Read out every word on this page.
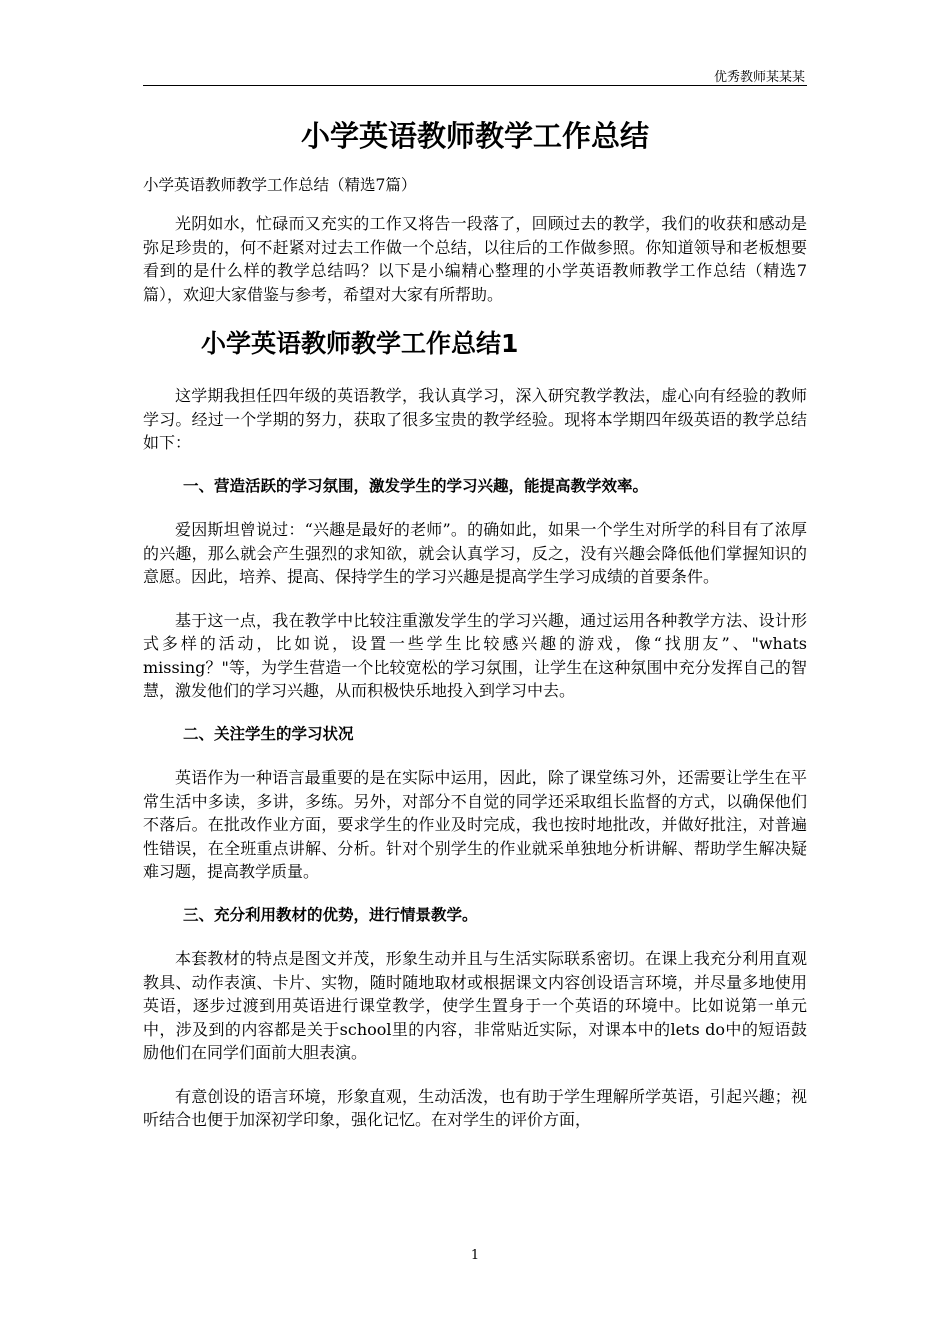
优秀教师某某某
小学英语教师教学工作总结
小学英语教师教学工作总结（精选7篇）

光阴如水，忙碌而又充实的工作又将告一段落了，回顾过去的教学，我们的收获和感动是弥足珍贵的，何不赶紧对过去工作做一个总结，以往后的工作做参照。你知道领导和老板想要看到的是什么样的教学总结吗？以下是小编精心整理的小学英语教师教学工作总结（精选7篇），欢迎大家借鉴与参考，希望对大家有所帮助。

小学英语教师教学工作总结1

这学期我担任四年级的英语教学，我认真学习，深入研究教学教法，虚心向有经验的教师学习。经过一个学期的努力，获取了很多宝贵的教学经验。现将本学期四年级英语的教学总结如下：

一、营造活跃的学习氛围，激发学生的学习兴趣，能提高教学效率。

爱因斯坦曾说过：“兴趣是最好的老师”。的确如此，如果一个学生对所学的科目有了浓厚的兴趣，那么就会产生强烈的求知欲，就会认真学习，反之，没有兴趣会降低他们掌握知识的意愿。因此，培养、提高、保持学生的学习兴趣是提高学生学习成绩的首要条件。

基于这一点，我在教学中比较注重激发学生的学习兴趣，通过运用各种教学方法、设计形式多样的活动，比如说，设置一些学生比较感兴趣的游戏，像“找朋友”、"whats missing？"等，为学生营造一个比较宽松的学习氛围，让学生在这种氛围中充分发挥自己的智慧，激发他们的学习兴趣，从而积极快乐地投入到学习中去。

二、关注学生的学习状况

英语作为一种语言最重要的是在实际中运用，因此，除了课堂练习外，还需要让学生在平常生活中多读，多讲，多练。另外，对部分不自觉的同学还采取组长监督的方式，以确保他们不落后。在批改作业方面，要求学生的作业及时完成，我也按时地批改，并做好批注，对普遍性错误，在全班重点讲解、分析。针对个别学生的作业就采单独地分析讲解、帮助学生解决疑难习题，提高教学质量。

三、充分利用教材的优势，进行情景教学。

本套教材的特点是图文并茂，形象生动并且与生活实际联系密切。在课上我充分利用直观教具、动作表演、卡片、实物，随时随地取材或根据课文内容创设语言环境，并尽量多地使用英语，逐步过渡到用英语进行课堂教学，使学生置身于一个英语的环境中。比如说第一单元中，涉及到的内容都是关于school里的内容，非常贴近实际，对课本中的lets do中的短语鼓励他们在同学们面前大胆表演。

有意创设的语言环境，形象直观，生动活泼，也有助于学生理解所学英语，引起兴趣；视听结合也便于加深初学印象，强化记忆。在对学生的评价方面，

1
